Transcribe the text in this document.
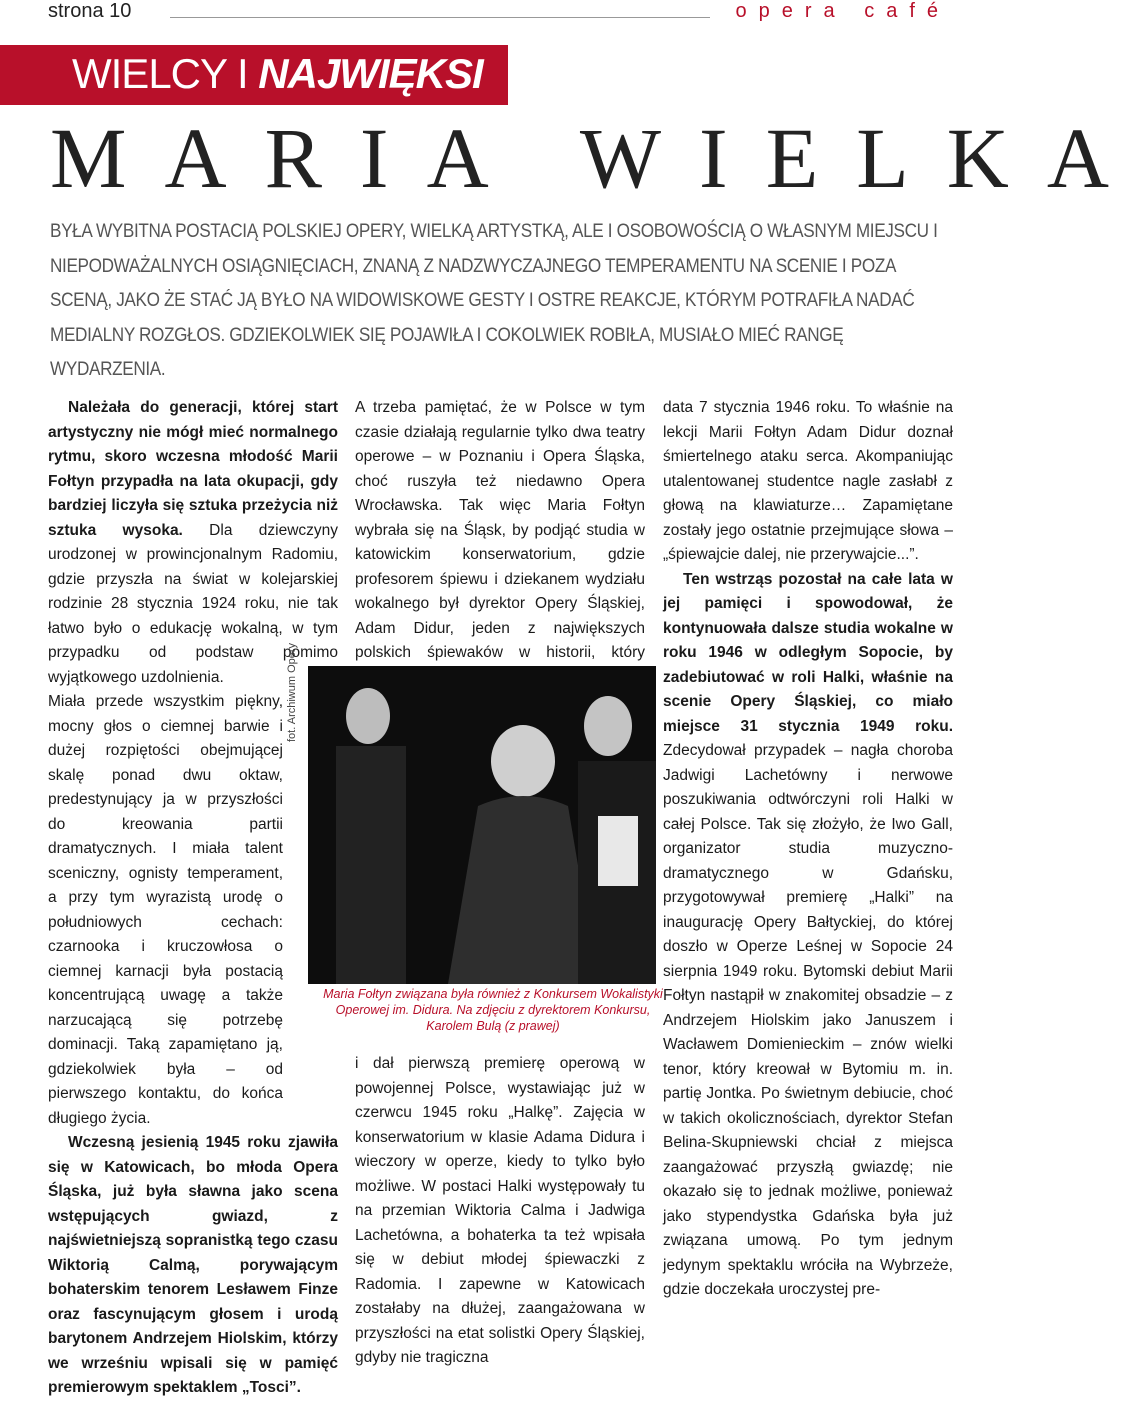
strona 10	opera café
WIELCY I NAJWIĘKSI
MARIA WIELKA
BYŁA WYBITNA POSTACIĄ POLSKIEJ OPERY, WIELKĄ ARTYSTKĄ, ALE I OSOBOWOŚCIĄ O WŁASNYM MIEJSCU I NIEPODWAŻALNYCH OSIĄGNIĘCIACH, ZNANĄ Z NADZWYCZAJNEGO TEMPERAMENTU NA SCENIE I POZA SCENĄ, JAKO ŻE STAĆ JĄ BYŁO NA WIDOWISKOWE GESTY I OSTRE REAKCJE, KTÓRYM POTRAFIŁA NADAĆ MEDIALNY ROZGŁOS. GDZIEKOLWIEK SIĘ POJAWIŁA I COKOLWIEK ROBIŁA, MUSIAŁO MIEĆ RANGĘ WYDARZENIA.

Należała do generacji, której start artystyczny nie mógł mieć normalnego rytmu, skoro wczesna młodość Marii Fołtyn przypadła na lata okupacji, gdy bardziej liczyła się sztuka przeżycia niż sztuka wysoka. Dla dziewczyny urodzonej w prowincjonalnym Radomiu, gdzie przyszła na świat w kolejarskiej rodzinie 28 stycznia 1924 roku, nie tak łatwo było o edukację wokalną, w tym przypadku od podstaw pomimo wyjątkowego uzdolnienia.

Miała przede wszystkim piękny, mocny głos o ciemnej barwie i dużej rozpiętości obejmującej skalę ponad dwu oktaw, predestynujący ja w przyszłości do kreowania partii dramatycznych. I miała talent sceniczny, ognisty temperament, a przy tym wyrazistą urodę o południowych cechach: czarnooka i kruczowłosa o ciemnej karnacji była postacią koncentrującą uwagę a także narzucającą się potrzebę dominacji. Taką zapamiętano ją, gdziekolwiek była – od pierwszego kontaktu, do końca długiego życia.

Wczesną jesienią 1945 roku zjawiła się w Katowicach, bo młoda Opera Śląska, już była sławna jako scena wstępujących gwiazd, z najświetniejszą sopranistką tego czasu Wiktorią Calmą, porywającym bohaterskim tenorem Lesławem Finze oraz fascynującym głosem i urodą barytonem Andrzejem Hiolskim, którzy we wrześniu wpisali się w pamięć premierowym spektaklem „Tosci”.

A trzeba pamiętać, że w Polsce w tym czasie działają regularnie tylko dwa teatry operowe – w Poznaniu i Opera Śląska, choć ruszyła też niedawno Opera Wrocławska. Tak więc Maria Fołtyn wybrała się na Śląsk, by podjąć studia w katowickim konserwatorium, gdzie profesorem śpiewu i dziekanem wydziału wokalnego był dyrektor Opery Śląskiej, Adam Didur, jeden z największych polskich śpiewaków w historii, który

fot. Archiwum Opery
Maria Fołtyn związana była również z Konkursem Wokalistyki Operowej im. Didura. Na zdjęciu z dyrektorem Konkursu, Karolem Bulą (z prawej)

i dał pierwszą premierę operową w powojennej Polsce, wystawiając już w czerwcu 1945 roku „Halkę”. Zajęcia w konserwatorium w klasie Adama Didura i wieczory w operze, kiedy to tylko było możliwe. W postaci Halki występowały tu na przemian Wiktoria Calma i Jadwiga Lachetówna, a bohaterka ta też wpisała się w debiut młodej śpiewaczki z Radomia. I zapewne w Katowicach zostałaby na dłużej, zaangażowana w przyszłości na etat solistki Opery Śląskiej, gdyby nie tragiczna

data 7 stycznia 1946 roku. To właśnie na lekcji Marii Fołtyn Adam Didur doznał śmiertelnego ataku serca. Akompaniując utalentowanej studentce nagle zasłabł z głową na klawiaturze… Zapamiętane zostały jego ostatnie przejmujące słowa – „śpiewajcie dalej, nie przerywajcie...”.

Ten wstrząs pozostał na całe lata w jej pamięci i spowodował, że kontynuowała dalsze studia wokalne w roku 1946 w odległym Sopocie, by zadebiutować w roli Halki, właśnie na scenie Opery Śląskiej, co miało miejsce 31 stycznia 1949 roku. Zdecydował przypadek – nagła choroba Jadwigi Lachetówny i nerwowe poszukiwania odtwórczyni roli Halki w całej Polsce. Tak się złożyło, że Iwo Gall, organizator studia muzyczno-dramatycznego w Gdańsku, przygotowywał premierę „Halki” na inaugurację Opery Bałtyckiej, do której doszło w Operze Leśnej w Sopocie 24 sierpnia 1949 roku. Bytomski debiut Marii Fołtyn nastąpił w znakomitej obsadzie – z Andrzejem Hiolskim jako Januszem i Wacławem Domienieckim – znów wielki tenor, który kreował w Bytomiu m. in. partię Jontka. Po świetnym debiucie, choć w takich okolicznościach, dyrektor Stefan Belina-Skupniewski chciał z miejsca zaangażować przyszłą gwiazdę; nie okazało się to jednak możliwe, ponieważ jako stypendystka Gdańska była już związana umową. Po tym jednym jedynym spektaklu wróciła na Wybrzeże, gdzie doczekała uroczystej pre-
